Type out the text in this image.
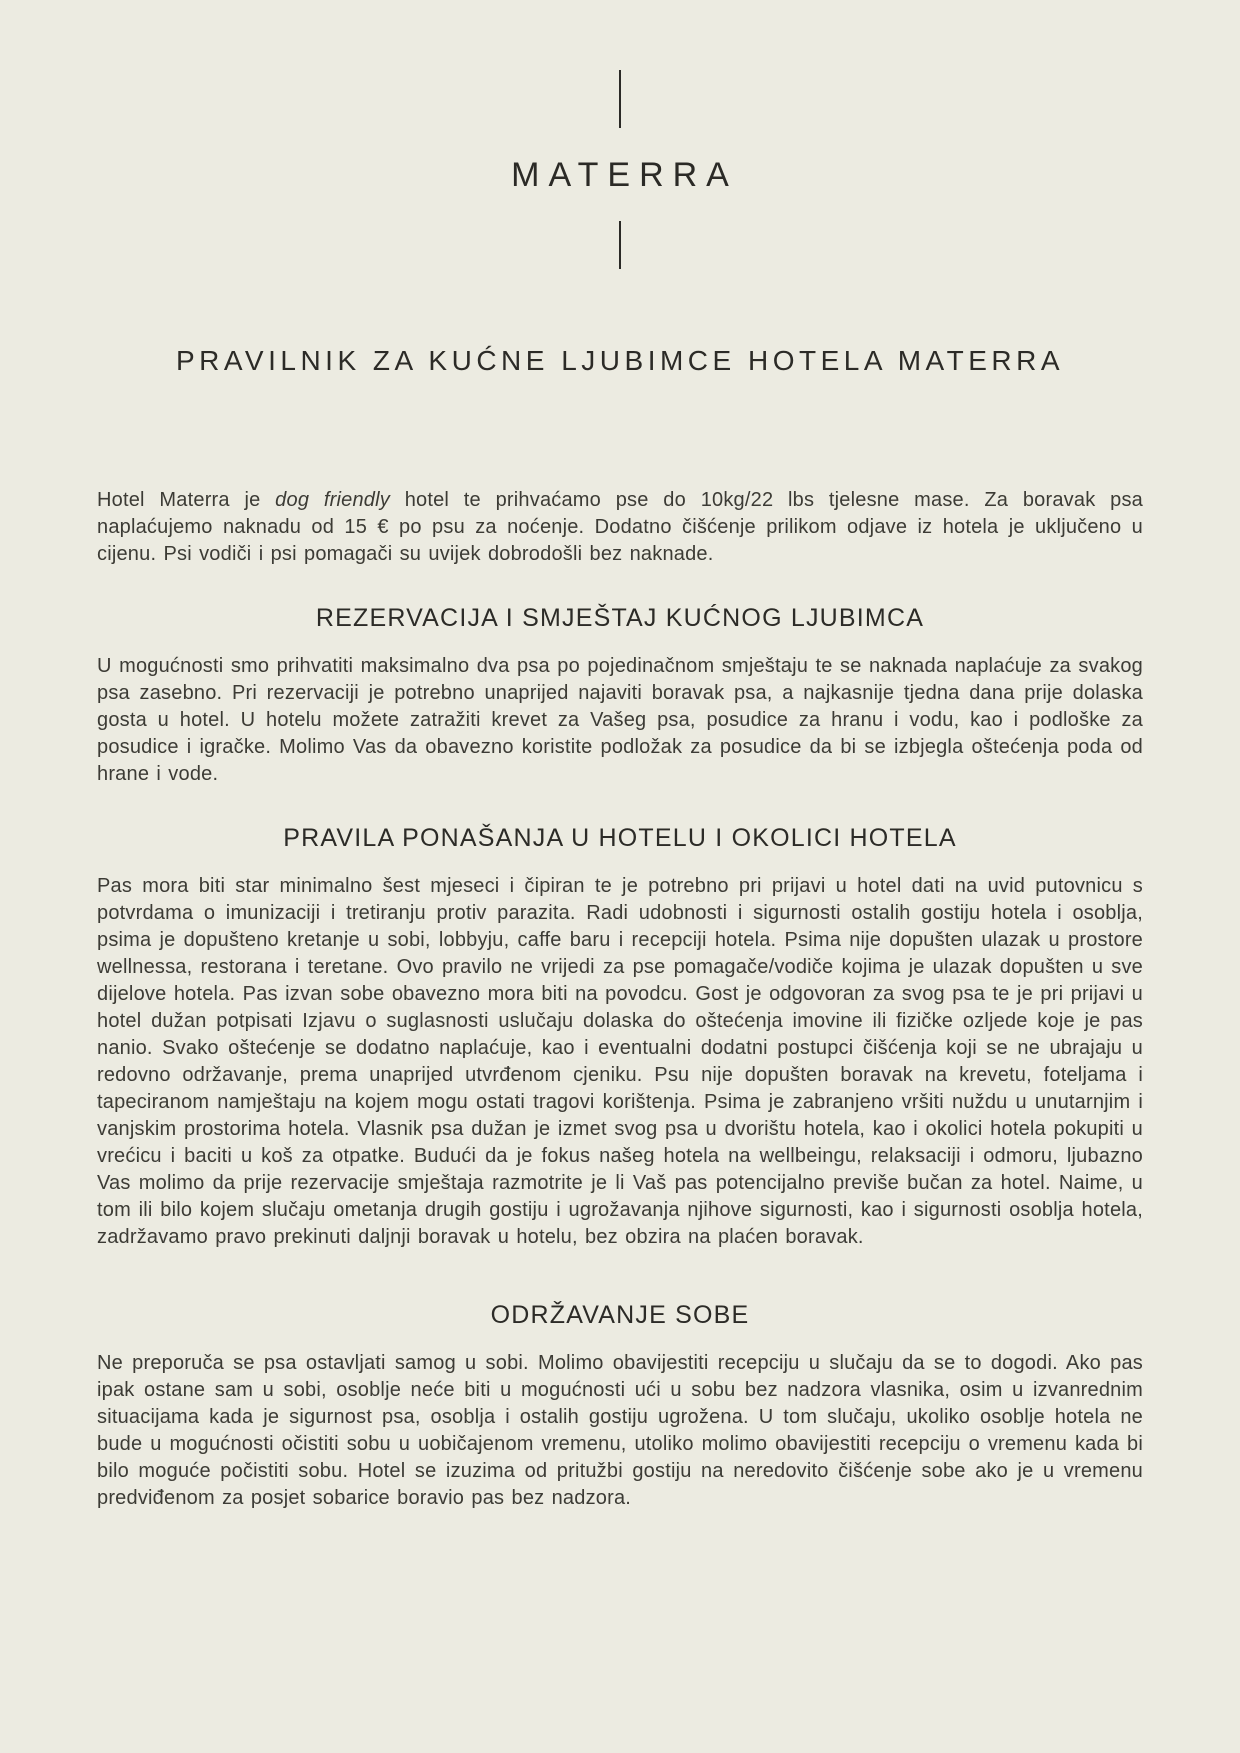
MATERRA
PRAVILNIK ZA KUĆNE LJUBIMCE HOTELA MATERRA

Hotel Materra je dog friendly hotel te prihvaćamo pse do 10kg/22 lbs tjelesne mase. Za boravak psa naplaćujemo naknadu od 15 € po psu za noćenje. Dodatno čišćenje prilikom odjave iz hotela je uključeno u cijenu. Psi vodiči i psi pomagači su uvijek dobrodošli bez naknade.

REZERVACIJA I SMJEŠTAJ KUĆNOG LJUBIMCA

U mogućnosti smo prihvatiti maksimalno dva psa po pojedinačnom smještaju te se naknada naplaćuje za svakog psa zasebno. Pri rezervaciji je potrebno unaprijed najaviti boravak psa, a najkasnije tjedna dana prije dolaska gosta u hotel. U hotelu možete zatražiti krevet za Vašeg psa, posudice za hranu i vodu, kao i podloške za posudice i igračke. Molimo Vas da obavezno koristite podložak za posudice da bi se izbjegla oštećenja poda od hrane i vode.

PRAVILA PONAŠANJA U HOTELU I OKOLICI HOTELA

Pas mora biti star minimalno šest mjeseci i čipiran te je potrebno pri prijavi u hotel dati na uvid putovnicu s potvrdama o imunizaciji i tretiranju protiv parazita. Radi udobnosti i sigurnosti ostalih gostiju hotela i osoblja, psima je dopušteno kretanje u sobi, lobbyju, caffe baru i recepciji hotela. Psima nije dopušten ulazak u prostore wellnessa, restorana i teretane. Ovo pravilo ne vrijedi za pse pomagače/vodiče kojima je ulazak dopušten u sve dijelove hotela. Pas izvan sobe obavezno mora biti na povodcu. Gost je odgovoran za svog psa te je pri prijavi u hotel dužan potpisati Izjavu o suglasnosti uslučaju dolaska do oštećenja imovine ili fizičke ozljede koje je pas nanio. Svako oštećenje se dodatno naplaćuje, kao i eventualni dodatni postupci čišćenja koji se ne ubrajaju u redovno održavanje, prema unaprijed utvrđenom cjeniku. Psu nije dopušten boravak na krevetu, foteljama i tapeciranom namještaju na kojem mogu ostati tragovi korištenja. Psima je zabranjeno vršiti nuždu u unutarnjim i vanjskim prostorima hotela. Vlasnik psa dužan je izmet svog psa u dvorištu hotela, kao i okolici hotela pokupiti u vrećicu i baciti u koš za otpatke. Budući da je fokus našeg hotela na wellbeingu, relaksaciji i odmoru, ljubazno Vas molimo da prije rezervacije smještaja razmotrite je li Vaš pas potencijalno previše bučan za hotel. Naime, u tom ili bilo kojem slučaju ometanja drugih gostiju i ugrožavanja njihove sigurnosti, kao i sigurnosti osoblja hotela, zadržavamo pravo prekinuti daljnji boravak u hotelu, bez obzira na plaćen boravak.

ODRŽAVANJE SOBE

Ne preporuča se psa ostavljati samog u sobi. Molimo obavijestiti recepciju u slučaju da se to dogodi. Ako pas ipak ostane sam u sobi, osoblje neće biti u mogućnosti ući u sobu bez nadzora vlasnika, osim u izvanrednim situacijama kada je sigurnost psa, osoblja i ostalih gostiju ugrožena. U tom slučaju, ukoliko osoblje hotela ne bude u mogućnosti očistiti sobu u uobičajenom vremenu, utoliko molimo obavijestiti recepciju o vremenu kada bi bilo moguće počistiti sobu. Hotel se izuzima od pritužbi gostiju na neredovito čišćenje sobe ako je u vremenu predviđenom za posjet sobarice boravio pas bez nadzora.
